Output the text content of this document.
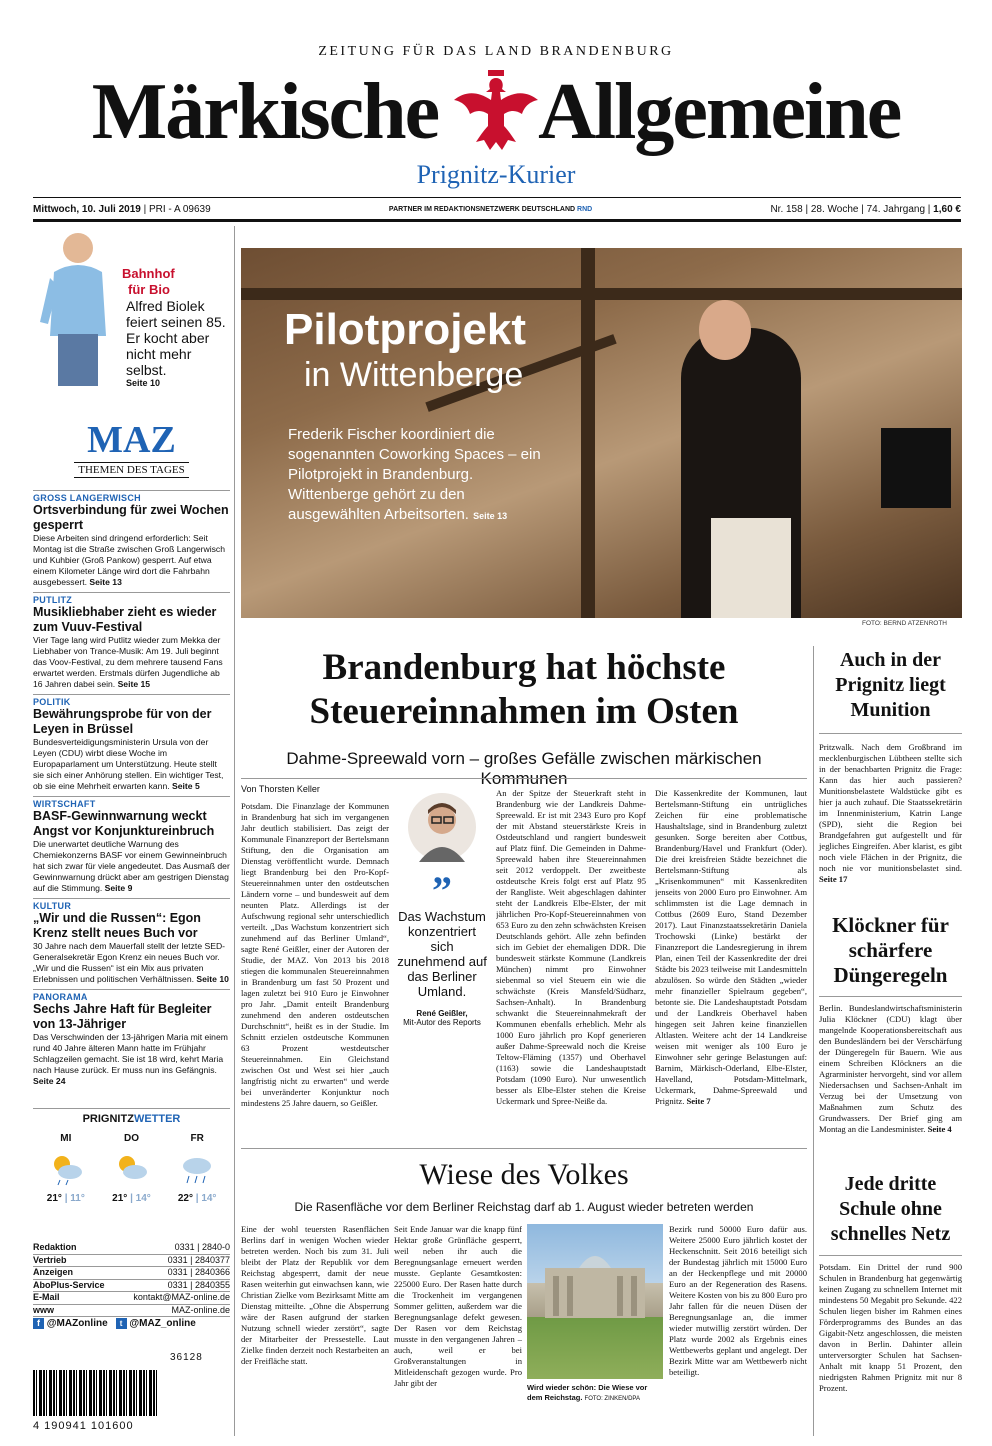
ZEITUNG FÜR DAS LAND BRANDENBURG
Märkische Allgemeine
Prignitz-Kurier
Mittwoch, 10. Juli 2019 | PRI - A 09639	PARTNER IM REDAKTIONSNETZWERK DEUTSCHLAND RND	Nr. 158 | 28. Woche | 74. Jahrgang | 1,60 €
Bahnhof
für Bio
Alfred Biolek feiert seinen 85. Er kocht aber nicht mehr selbst.
Seite 10
MAZ
THEMEN DES TAGES
GROSS LANGERWISCH
Ortsverbindung für zwei Wochen gesperrt
Diese Arbeiten sind dringend erforderlich: Seit Montag ist die Straße zwischen Groß Langerwisch und Kuhbier (Groß Pankow) gesperrt. Auf etwa einem Kilometer Länge wird dort die Fahrbahn ausgebessert. Seite 13
PUTLITZ
Musikliebhaber zieht es wieder zum Vuuv-Festival
Vier Tage lang wird Putlitz wieder zum Mekka der Liebhaber von Trance-Musik: Am 19. Juli beginnt das Voov-Festival, zu dem mehrere tausend Fans erwartet werden. Erstmals dürfen Jugendliche ab 16 Jahren dabei sein. Seite 15
POLITIK
Bewährungsprobe für von der Leyen in Brüssel
Bundesverteidigungsministerin Ursula von der Leyen (CDU) wirbt diese Woche im Europaparlament um Unterstützung. Heute stellt sie sich einer Anhörung stellen. Ein wichtiger Test, ob sie eine Mehrheit erwarten kann. Seite 5
WIRTSCHAFT
BASF-Gewinnwarnung weckt Angst vor Konjunktureinbruch
Die unerwartet deutliche Warnung des Chemiekonzerns BASF vor einem Gewinneinbruch hat sich zwar für viele angedeutet. Das Ausmaß der Gewinnwarnung drückt aber am gestrigen Dienstag auf die Stimmung. Seite 9
KULTUR
„Wir und die Russen“: Egon Krenz stellt neues Buch vor
30 Jahre nach dem Mauerfall stellt der letzte SED-Generalsekretär Egon Krenz ein neues Buch vor. „Wir und die Russen“ ist ein Mix aus privaten Erlebnissen und politischen Verhältnissen. Seite 10
PANORAMA
Sechs Jahre Haft für Begleiter von 13-Jähriger
Das Verschwinden der 13-jährigen Maria mit einem rund 40 Jahre älteren Mann hatte im Frühjahr Schlagzeilen gemacht. Sie ist 18 wird, kehrt Maria nach Hause zurück. Er muss nun ins Gefängnis. Seite 24
PRIGNITZWETTER
MI
21° | 11°
DO
21° | 14°
FR
22° | 14°
Redaktion	0331 | 2840-0
Vertrieb	0331 | 2840377
Anzeigen	0331 | 2840366
AboPlus-Service	0331 | 2840355
E-Mail	kontakt@MAZ-online.de
www	MAZ-online.de
f @MAZonline	t @MAZ_online
36128
4 190941 101600
Pilotprojekt
in Wittenberge
Frederik Fischer koordiniert die sogenannten Coworking Spaces – ein Pilotprojekt in Brandenburg. Wittenberge gehört zu den ausgewählten Arbeitsorten. Seite 13
FOTO: BERND ATZENROTH
Brandenburg hat höchste Steuereinnahmen im Osten
Dahme-Spreewald vorn – großes Gefälle zwischen märkischen Kommunen
Von Thorsten Keller
Potsdam. Die Finanzlage der Kommunen in Brandenburg hat sich im vergangenen Jahr deutlich stabilisiert. Das zeigt der Kommunale Finanzreport der Bertelsmann Stiftung, den die Organisation am Dienstag veröffentlicht wurde. Demnach liegt Brandenburg bei den Pro-Kopf-Steuereinnahmen unter den ostdeutschen Ländern vorne – und bundesweit auf dem neunten Platz. Allerdings ist der Aufschwung regional sehr unterschiedlich verteilt. „Das Wachstum konzentriert sich zunehmend auf das Berliner Umland“, sagte René Geißler, einer der Autoren der Studie, der MAZ. Von 2013 bis 2018 stiegen die kommunalen Steuereinnahmen in Brandenburg um fast 50 Prozent und lagen zuletzt bei 910 Euro je Einwohner pro Jahr. „Damit enteilt Brandenburg zunehmend den anderen ostdeutschen Durchschnitt“, heißt es in der Studie. Im Schnitt erzielen ostdeutsche Kommunen 63 Prozent westdeutscher Steuereinnahmen. Ein Gleichstand zwischen Ost und West sei hier „auch langfristig nicht zu erwarten“ und werde bei unveränderter Konjunktur noch mindestens 25 Jahre dauern, so Geißler.
”
Das Wachstum konzentriert sich zunehmend auf das Berliner Umland.
René Geißler,
Mit-Autor des Reports
An der Spitze der Steuerkraft steht in Brandenburg wie der Landkreis Dahme-Spreewald. Er ist mit 2343 Euro pro Kopf der mit Abstand steuerstärkste Kreis in Ostdeutschland und rangiert bundesweit auf Platz fünf. Die Gemeinden in Dahme-Spreewald haben ihre Steuereinnahmen seit 2012 verdoppelt. Der zweitbeste ostdeutsche Kreis folgt erst auf Platz 95 der Rangliste. Weit abgeschlagen dahinter steht der Landkreis Elbe-Elster, der mit jährlichen Pro-Kopf-Steuereinnahmen von 653 Euro zu den zehn schwächsten Kreisen Deutschlands gehört. Alle zehn befinden sich im Gebiet der ehemaligen DDR. Die bundesweit stärkste Kommune (Landkreis München) nimmt pro Einwohner siebenmal so viel Steuern ein wie die schwächste (Kreis Mansfeld/Südharz, Sachsen-Anhalt). In Brandenburg schwankt die Steuereinnahmekraft der Kommunen ebenfalls erheblich. Mehr als 1000 Euro jährlich pro Kopf generieren außer Dahme-Spreewald noch die Kreise Teltow-Fläming (1357) und Oberhavel (1163) sowie die Landeshauptstadt Potsdam (1090 Euro). Nur unwesentlich besser als Elbe-Elster stehen die Kreise Uckermark und Spree-Neiße da.
Die Kassenkredite der Kommunen, laut Bertelsmann-Stiftung ein untrügliches Zeichen für eine problematische Haushaltslage, sind in Brandenburg zuletzt gesunken. Sorge bereiten aber Cottbus, Brandenburg/Havel und Frankfurt (Oder). Die drei kreisfreien Städte bezeichnet die Bertelsmann-Stiftung als „Krisenkommunen“ mit Kassenkrediten jenseits von 2000 Euro pro Einwohner. Am schlimmsten ist die Lage demnach in Cottbus (2609 Euro, Stand Dezember 2017). Laut Finanzstaatssekretärin Daniela Trochowski (Linke) bestärkt der Finanzreport die Landesregierung in ihrem Plan, einen Teil der Kassenkredite der drei Städte bis 2023 teilweise mit Landesmitteln abzulösen. So würde den Städten „wieder mehr finanzieller Spielraum gegeben“, betonte sie. Die Landeshauptstadt Potsdam und der Landkreis Oberhavel haben hingegen seit Jahren keine finanziellen Altlasten. Weitere acht der 14 Landkreise weisen mit weniger als 100 Euro je Einwohner sehr geringe Belastungen auf: Barnim, Märkisch-Oderland, Elbe-Elster, Havelland, Potsdam-Mittelmark, Uckermark, Dahme-Spreewald und Prignitz. Seite 7
Wiese des Volkes
Die Rasenfläche vor dem Berliner Reichstag darf ab 1. August wieder betreten werden
Eine der wohl teuersten Rasenflächen Berlins darf in wenigen Wochen wieder betreten werden. Noch bis zum 31. Juli bleibt der Platz der Republik vor dem Reichstag abgesperrt, damit der neue Rasen weiterhin gut einwachsen kann, wie Christian Zielke vom Bezirksamt Mitte am Dienstag mitteilte. „Ohne die Absperrung wäre der Rasen aufgrund der starken Nutzung schnell wieder zerstört“, sagte der Mitarbeiter der Pressestelle. Laut Zielke finden derzeit noch Restarbeiten an der Freifläche statt.
Seit Ende Januar war die knapp fünf Hektar große Grünfläche gesperrt, weil neben ihr auch die Beregnungsanlage erneuert werden musste. Geplante Gesamtkosten: 225000 Euro. Der Rasen hatte durch die Trockenheit im vergangenen Sommer gelitten, außerdem war die Beregnungsanlage defekt gewesen. Der Rasen vor dem Reichstag musste in den vergangenen Jahren – auch, weil er bei Großveranstaltungen in Mitleidenschaft gezogen wurde. Pro Jahr gibt der	Wird wieder schön: Die Wiese vor dem Reichstag. FOTO: ZINKEN/DPA
Bezirk rund 50000 Euro dafür aus. Weitere 25000 Euro jährlich kostet der Heckenschnitt. Seit 2016 beteiligt sich der Bundestag jährlich mit 15000 Euro an der Heckenpflege und mit 20000 Euro an der Regeneration des Rasens. Weitere Kosten von bis zu 800 Euro pro Jahr fallen für die neuen Düsen der Beregnungsanlage an, die immer wieder mutwillig zerstört würden. Der Platz wurde 2002 als Ergebnis eines Wettbewerbs geplant und angelegt. Der Bezirk Mitte war am Wettbewerb nicht beteiligt.
Auch in der Prignitz liegt Munition
Pritzwalk. Nach dem Großbrand im mecklenburgischen Lübtheen stellte sich in der benachbarten Prignitz die Frage: Kann das hier auch passieren? Munitionsbelastete Waldstücke gibt es hier ja auch zuhauf. Die Staatssekretärin im Innenministerium, Katrin Lange (SPD), sieht die Region bei Brandgefahren gut aufgestellt und für jegliches Eingreifen. Aber klarist, es gibt noch viele Flächen in der Prignitz, die noch nie vor munitionsbelastet sind. Seite 17
Klöckner für schärfere Düngeregeln
Berlin. Bundeslandwirtschaftsministerin Julia Klöckner (CDU) klagt über mangelnde Kooperationsbereitschaft aus den Bundesländern bei der Verschärfung der Düngeregeln für Bauern. Wie aus einem Schreiben Klöckners an die Agrarminister hervorgeht, sind vor allem Niedersachsen und Sachsen-Anhalt im Verzug bei der Umsetzung von Maßnahmen zum Schutz des Grundwassers. Der Brief ging am Montag an die Landesminister. Seite 4
Jede dritte Schule ohne schnelles Netz
Potsdam. Ein Drittel der rund 900 Schulen in Brandenburg hat gegenwärtig keinen Zugang zu schnellem Internet mit mindestens 50 Megabit pro Sekunde. 422 Schulen liegen bisher im Rahmen eines Förderprogramms des Bundes an das Gigabit-Netz angeschlossen, die meisten davon in Berlin. Dahinter allein unterversorgter Schulen hat Sachsen-Anhalt mit knapp 51 Prozent, den niedrigsten Rahmen Prignitz mit nur 8 Prozent.
